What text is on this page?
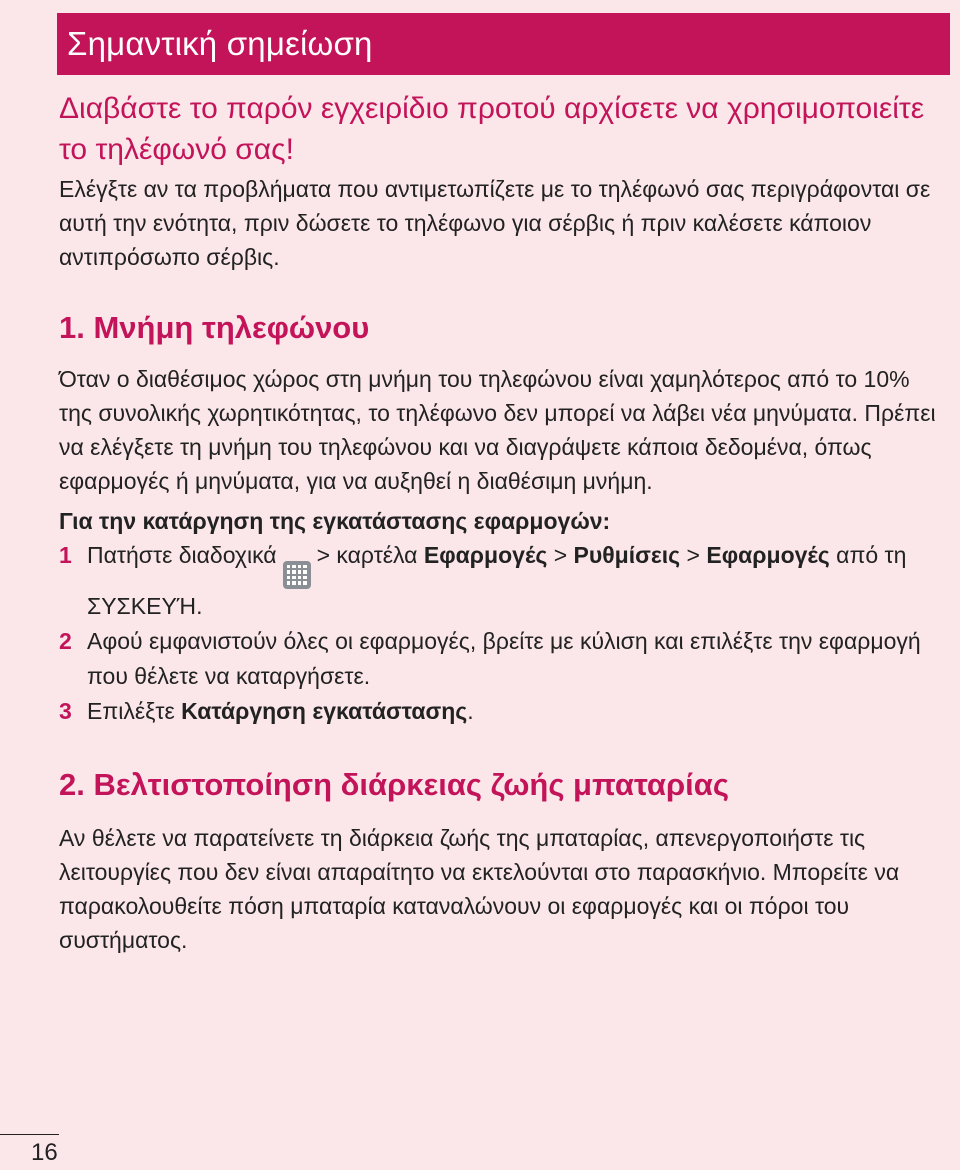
Σημαντική σημείωση
Διαβάστε το παρόν εγχειρίδιο προτού αρχίσετε να χρησιμοποιείτε το τηλέφωνό σας!

Ελέγξτε αν τα προβλήματα που αντιμετωπίζετε με το τηλέφωνό σας περιγράφονται σε αυτή την ενότητα, πριν δώσετε το τηλέφωνο για σέρβις ή πριν καλέσετε κάποιον αντιπρόσωπο σέρβις.

1. Μνήμη τηλεφώνου

Όταν ο διαθέσιμος χώρος στη μνήμη του τηλεφώνου είναι χαμηλότερος από το 10% της συνολικής χωρητικότητας, το τηλέφωνο δεν μπορεί να λάβει νέα μηνύματα. Πρέπει να ελέγξετε τη μνήμη του τηλεφώνου και να διαγράψετε κάποια δεδομένα, όπως εφαρμογές ή μηνύματα, για να αυξηθεί η διαθέσιμη μνήμη.

Για την κατάργηση της εγκατάστασης εφαρμογών:

1 Πατήστε διαδοχικά > καρτέλα Εφαρμογές > Ρυθμίσεις > Εφαρμογές από τη ΣΥΣΚΕΥΉ.
2 Αφού εμφανιστούν όλες οι εφαρμογές, βρείτε με κύλιση και επιλέξτε την εφαρμογή που θέλετε να καταργήσετε.
3 Επιλέξτε Κατάργηση εγκατάστασης.
2. Βελτιστοποίηση διάρκειας ζωής μπαταρίας

Αν θέλετε να παρατείνετε τη διάρκεια ζωής της μπαταρίας, απενεργοποιήστε τις λειτουργίες που δεν είναι απαραίτητο να εκτελούνται στο παρασκήνιο. Μπορείτε να παρακολουθείτε πόση μπαταρία καταναλώνουν οι εφαρμογές και οι πόροι του συστήματος.

16
